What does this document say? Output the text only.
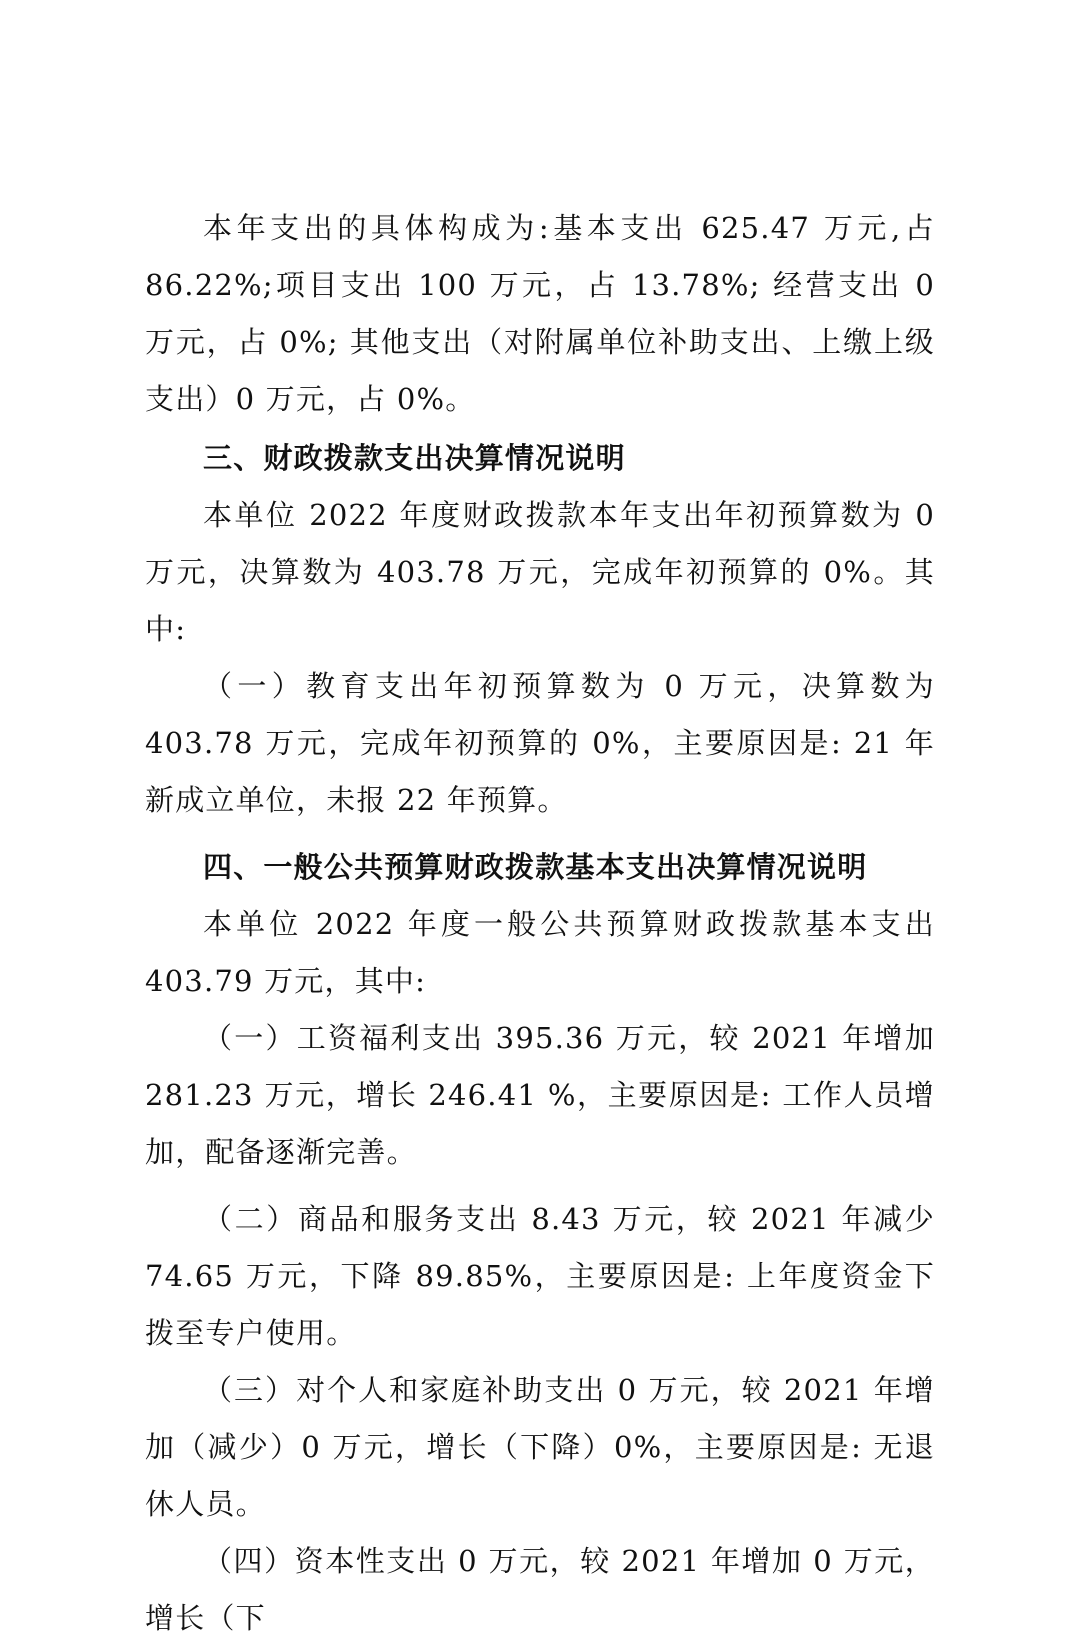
本年支出的具体构成为:基本支出 625.47 万元,占 86.22%;项目支出 100 万元，占 13.78%; 经营支出 0 万元，占 0%; 其他支出（对附属单位补助支出、上缴上级支出）0 万元，占 0%。

三、财政拨款支出决算情况说明

本单位 2022 年度财政拨款本年支出年初预算数为 0 万元，决算数为 403.78 万元，完成年初预算的 0%。其中:

（一）教育支出年初预算数为 0 万元，决算数为 403.78 万元，完成年初预算的 0%，主要原因是: 21 年新成立单位，未报 22 年预算。

四、一般公共预算财政拨款基本支出决算情况说明

本单位 2022 年度一般公共预算财政拨款基本支出 403.79 万元，其中:

（一）工资福利支出 395.36 万元，较 2021 年增加 281.23 万元，增长 246.41 %，主要原因是: 工作人员增加，配备逐渐完善。

（二）商品和服务支出 8.43 万元，较 2021 年减少 74.65 万元，下降 89.85%，主要原因是: 上年度资金下拨至专户使用。

（三）对个人和家庭补助支出 0 万元，较 2021 年增加（减少）0 万元，增长（下降）0%，主要原因是: 无退休人员。

（四）资本性支出 0 万元，较 2021 年增加 0 万元，增长（下
